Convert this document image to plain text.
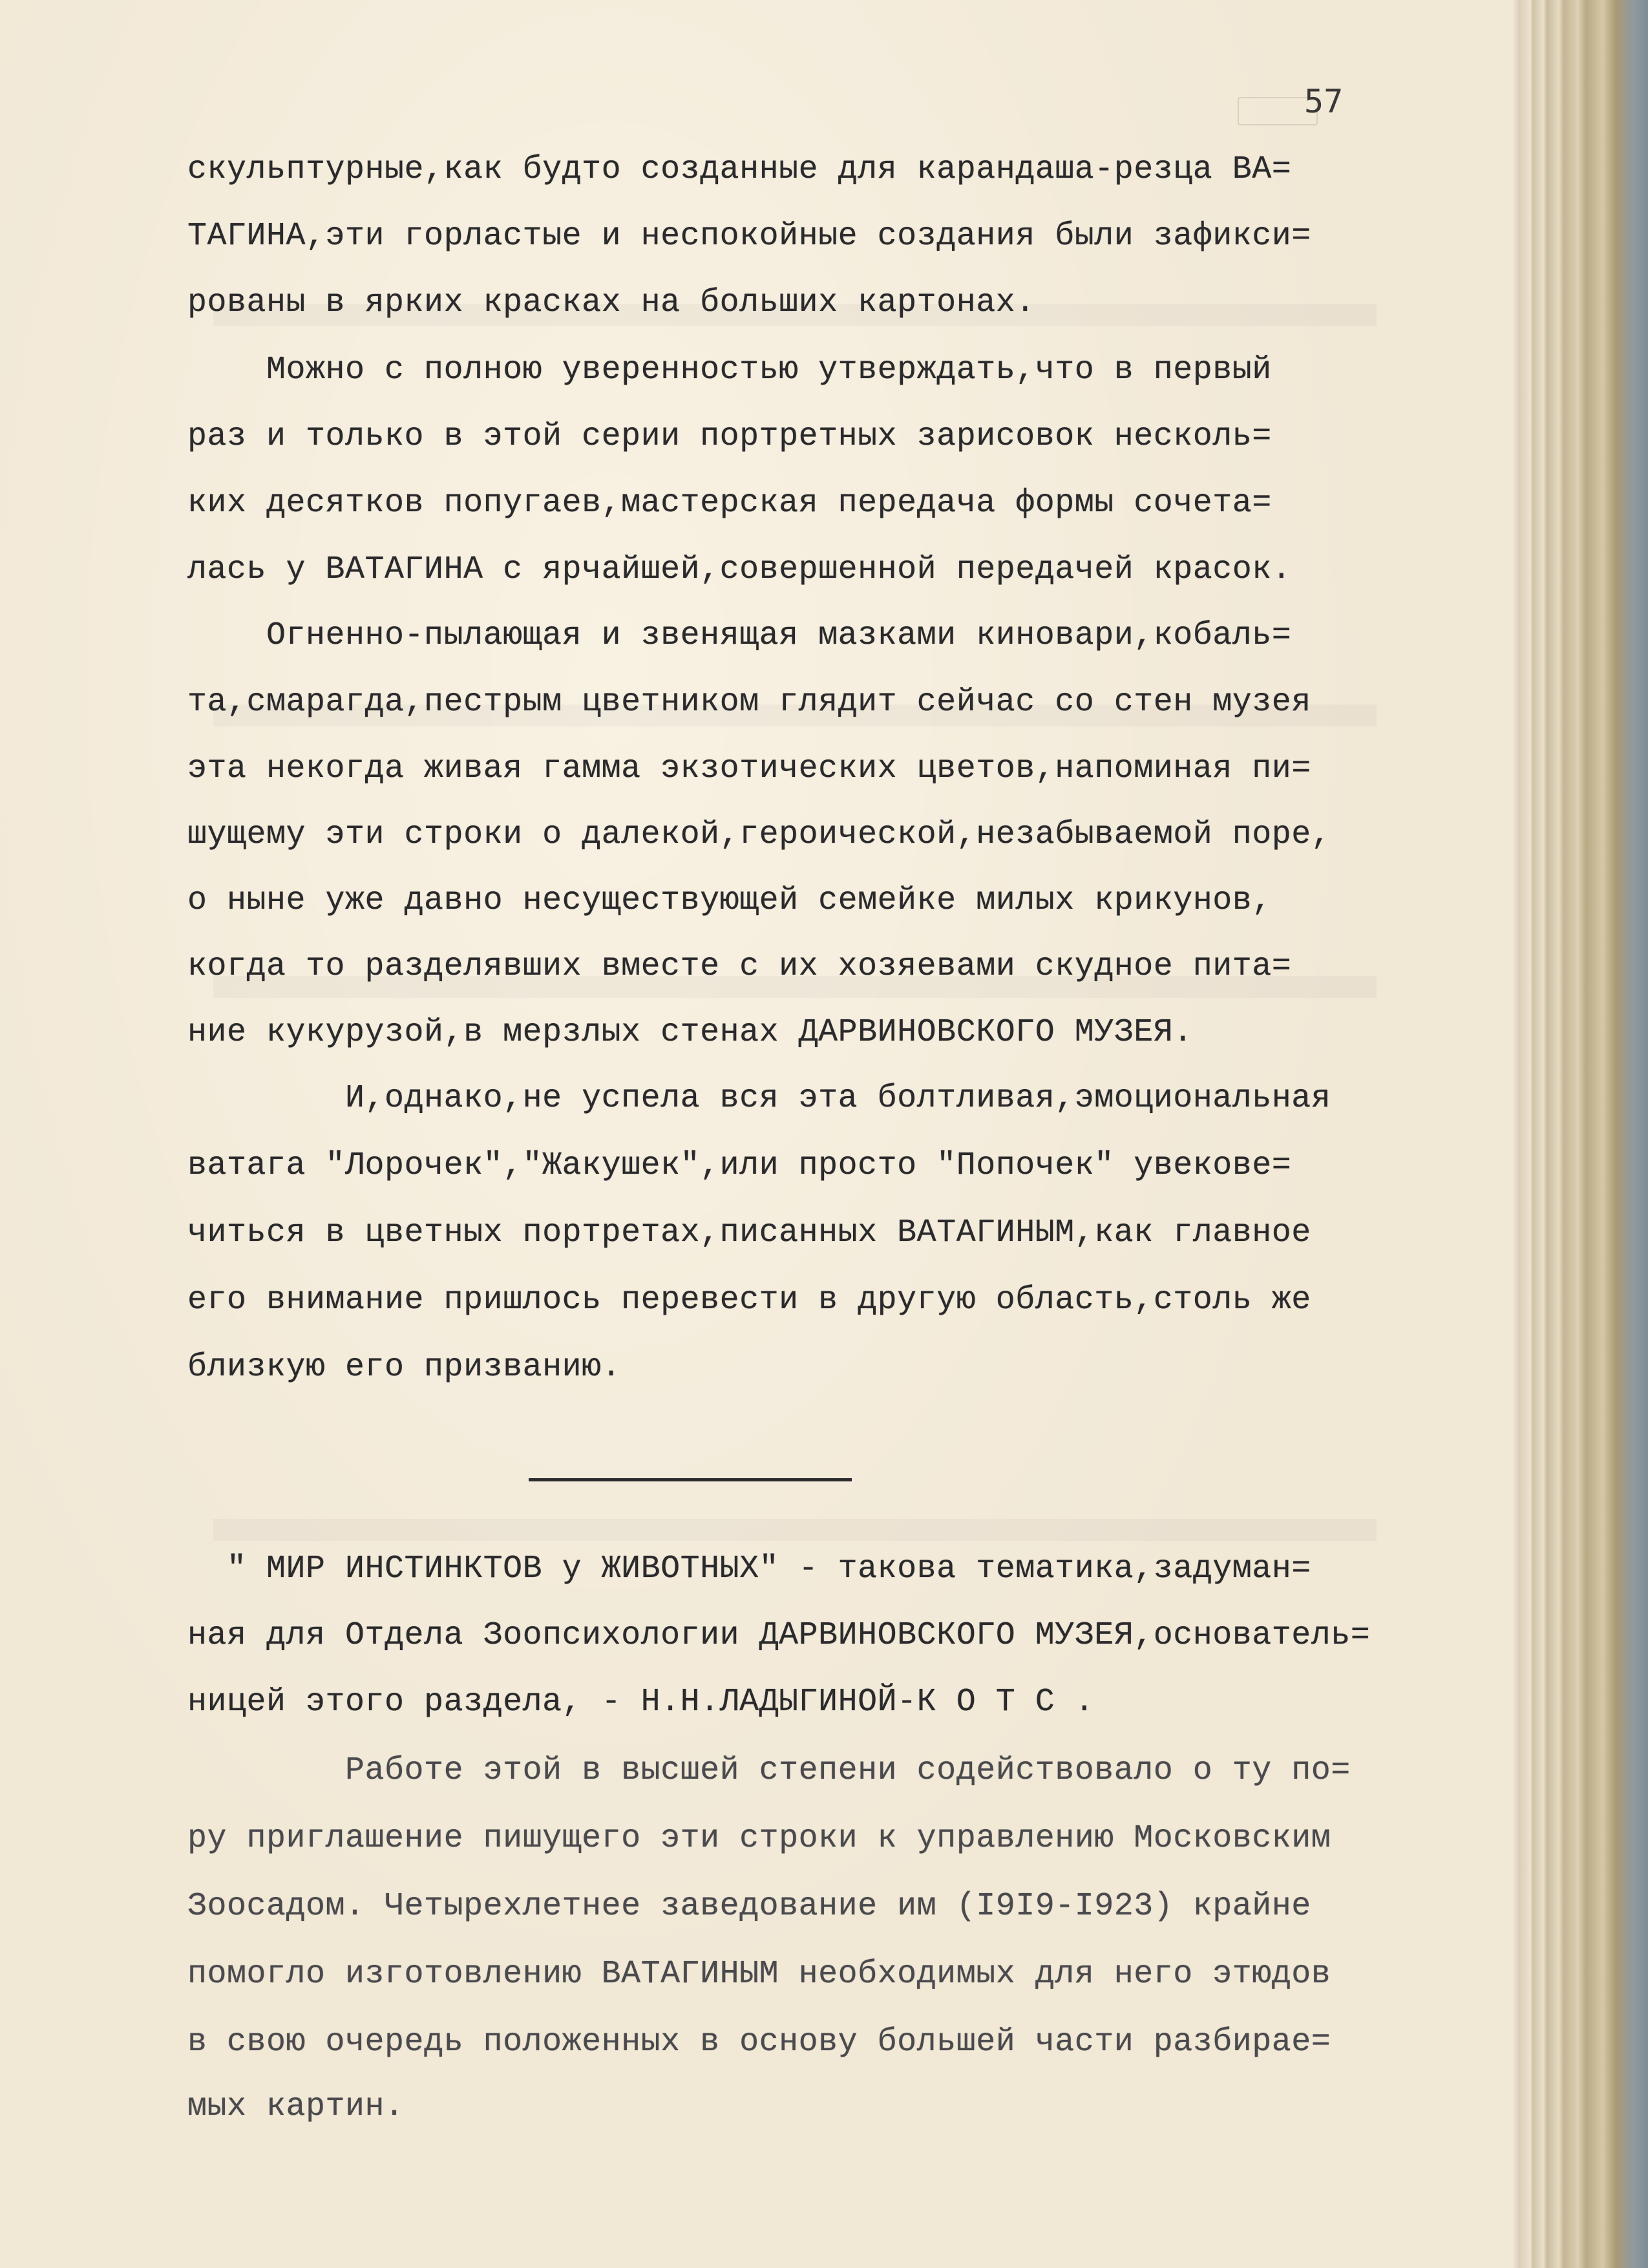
57
скульптурные,как будто созданные для карандаша-резца ВА=
ТАГИНА,эти горластые и неспокойные создания были зафикси=
рованы в ярких красках на больших картонах.
Можно с полною уверенностью утверждать,что в первый
раз и только в этой серии портретных зарисовок несколь=
ких десятков попугаев,мастерская передача формы сочета=
лась у ВАТАГИНА с ярчайшей,совершенной передачей красок.
Огненно-пылающая и звенящая мазками киновари,кобаль=
та,смарагда,пестрым цветником глядит сейчас со стен музея
эта некогда живая гамма экзотических цветов,напоминая пи=
шущему эти строки о далекой,героической,незабываемой поре,
о ныне уже давно несуществующей семейке милых крикунов,
когда то разделявших вместе с их хозяевами скудное пита=
ние кукурузой,в мерзлых стенах ДАРВИНОВСКОГО МУЗЕЯ.
И,однако,не успела вся эта болтливая,эмоциональная
ватага "Лорочек","Жакушек",или просто "Попочек" увекове=
читься в цветных портретах,писанных ВАТАГИНЫМ,как главное
его внимание пришлось перевести в другую область,столь же
близкую его призванию.
" МИР ИНСТИНКТОВ у ЖИВОТНЫХ" - такова тематика,задуман=
ная для Отдела Зоопсихологии ДАРВИНОВСКОГО МУЗЕЯ,основатель=
ницей этого раздела, - Н.Н.ЛАДЫГИНОЙ-К О Т С .
Работе этой в высшей степени содействовало о ту по=
ру приглашение пишущего эти строки к управлению Московским
Зоосадом. Четырехлетнее заведование им (I9I9-I923) крайне
помогло изготовлению ВАТАГИНЫМ необходимых для него этюдов
в свою очередь положенных в основу большей части разбирае=
мых картин.
